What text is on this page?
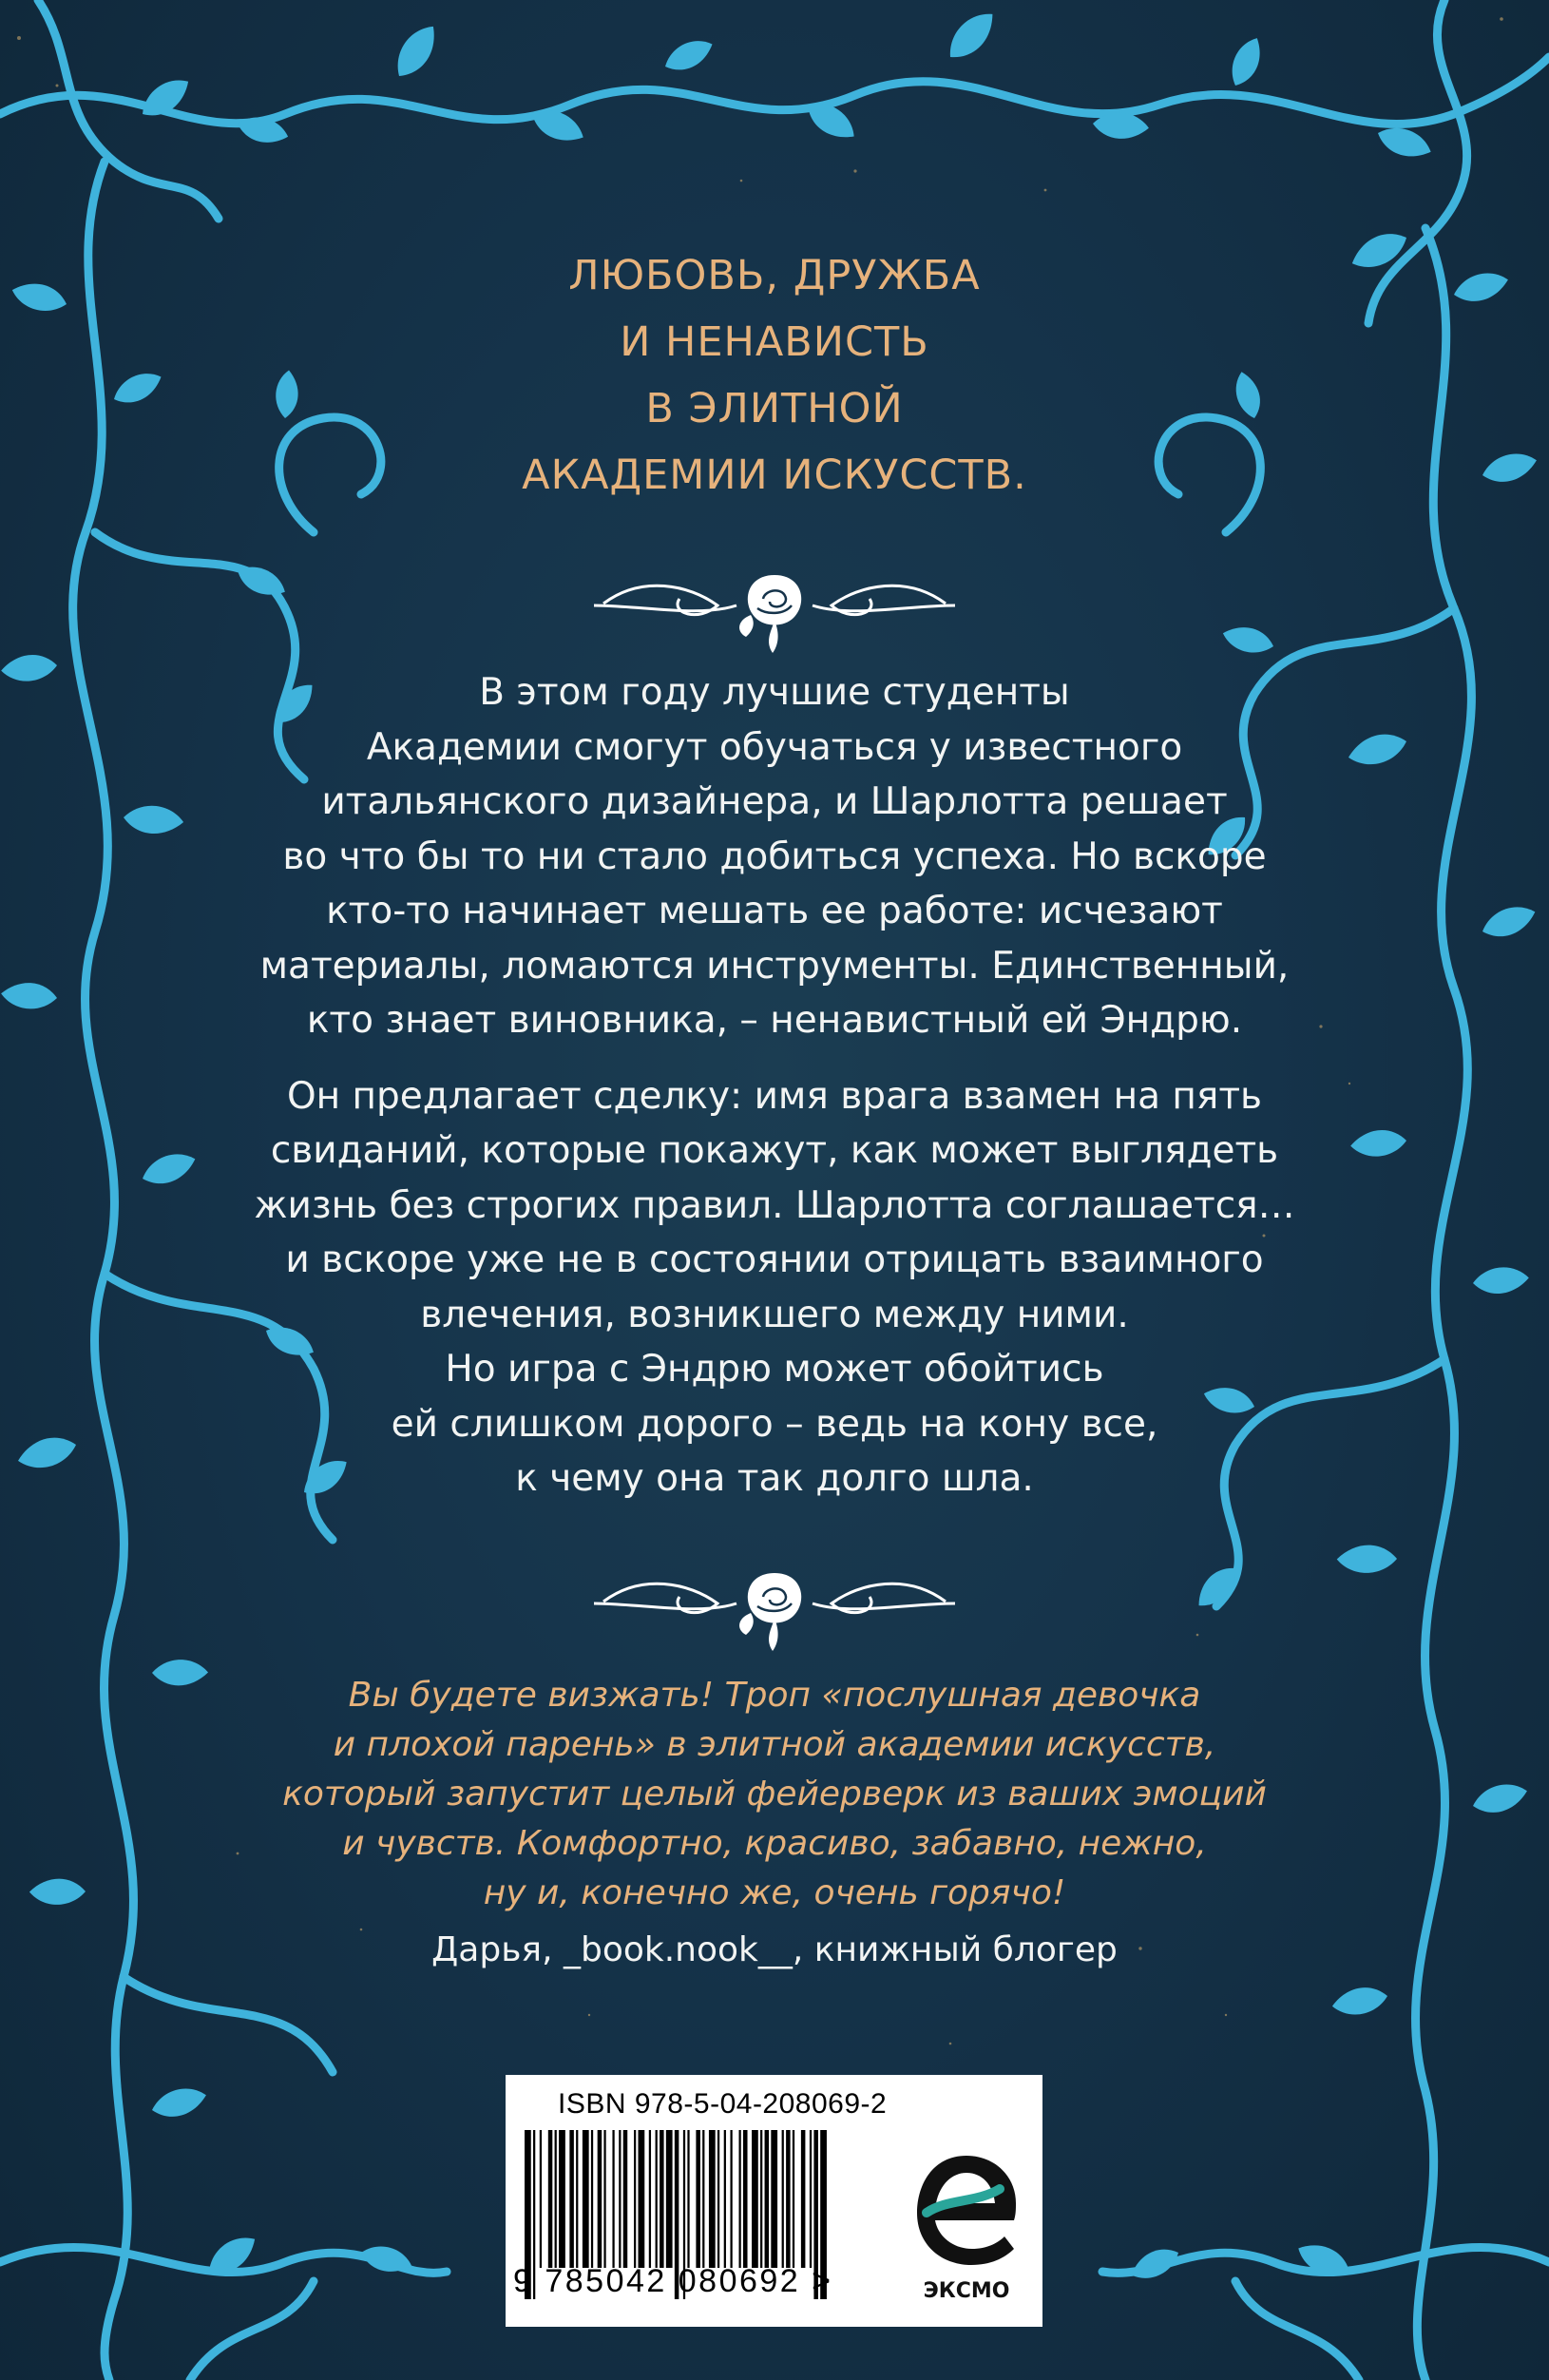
ЛЮБОВЬ, ДРУЖБА
И НЕНАВИСТЬ
В ЭЛИТНОЙ
АКАДЕМИИ ИСКУССТВ.
В этом году лучшие студенты
Академии смогут обучаться у известного
итальянского дизайнера, и Шарлотта решает
во что бы то ни стало добиться успеха. Но вскоре
кто-то начинает мешать ее работе: исчезают
материалы, ломаются инструменты. Единственный,
кто знает виновника, – ненавистный ей Эндрю.
Он предлагает сделку: имя врага взамен на пять
свиданий, которые покажут, как может выглядеть
жизнь без строгих правил. Шарлотта соглашается…
и вскоре уже не в состоянии отрицать взаимного
влечения, возникшего между ними.
Но игра с Эндрю может обойтись
ей слишком дорого – ведь на кону все,
к чему она так долго шла.
Вы будете визжать! Троп «послушная девочка
и плохой парень» в элитной академии искусств,
который запустит целый фейерверк из ваших эмоций
и чувств. Комфортно, красиво, забавно, нежно,
ну и, конечно же, очень горячо!
Дарья, _book.nook__, книжный блогер
ISBN 978-5-04-208069-2
9 785042 080692 >	ЭКСМО
